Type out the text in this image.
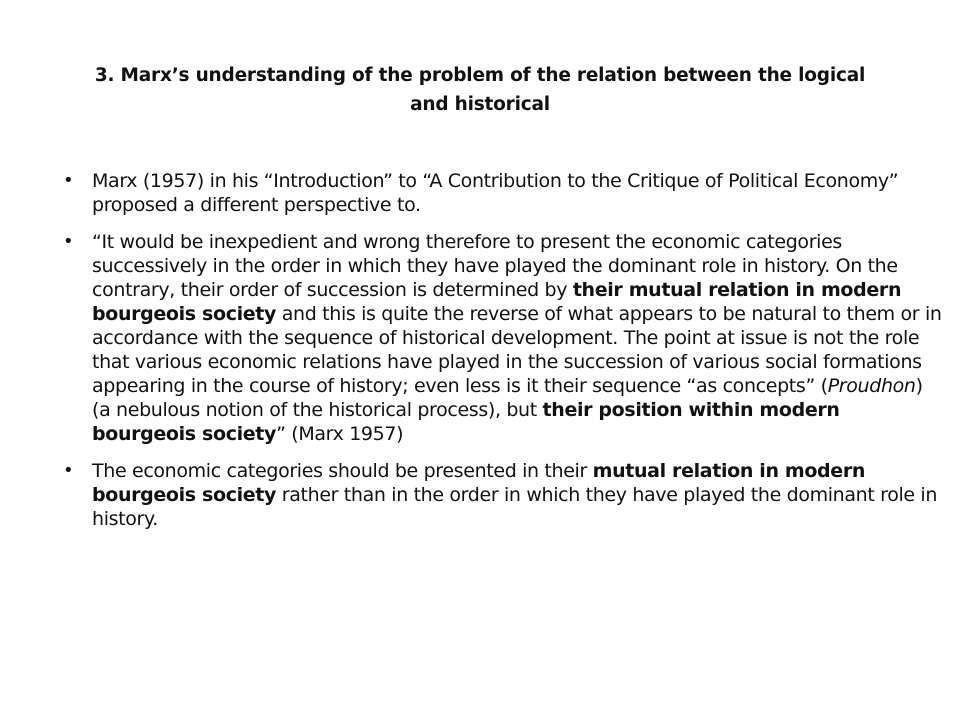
3. Marx’s understanding of the problem of the relation between the logical
and historical
• Marx (1957) in his “Introduction” to “A Contribution to the Critique of Political Economy” proposed a different perspective to.
• “It would be inexpedient and wrong therefore to present the economic categories successively in the order in which they have played the dominant role in history. On the contrary, their order of succession is determined by their mutual relation in modern bourgeois society and this is quite the reverse of what appears to be natural to them or in accordance with the sequence of historical development. The point at issue is not the role that various economic relations have played in the succession of various social formations appearing in the course of history; even less is it their sequence “as concepts” (Proudhon) (a nebulous notion of the historical process), but their position within modern bourgeois society” (Marx 1957)
• The economic categories should be presented in their mutual relation in modern bourgeois society rather than in the order in which they have played the dominant role in history.
